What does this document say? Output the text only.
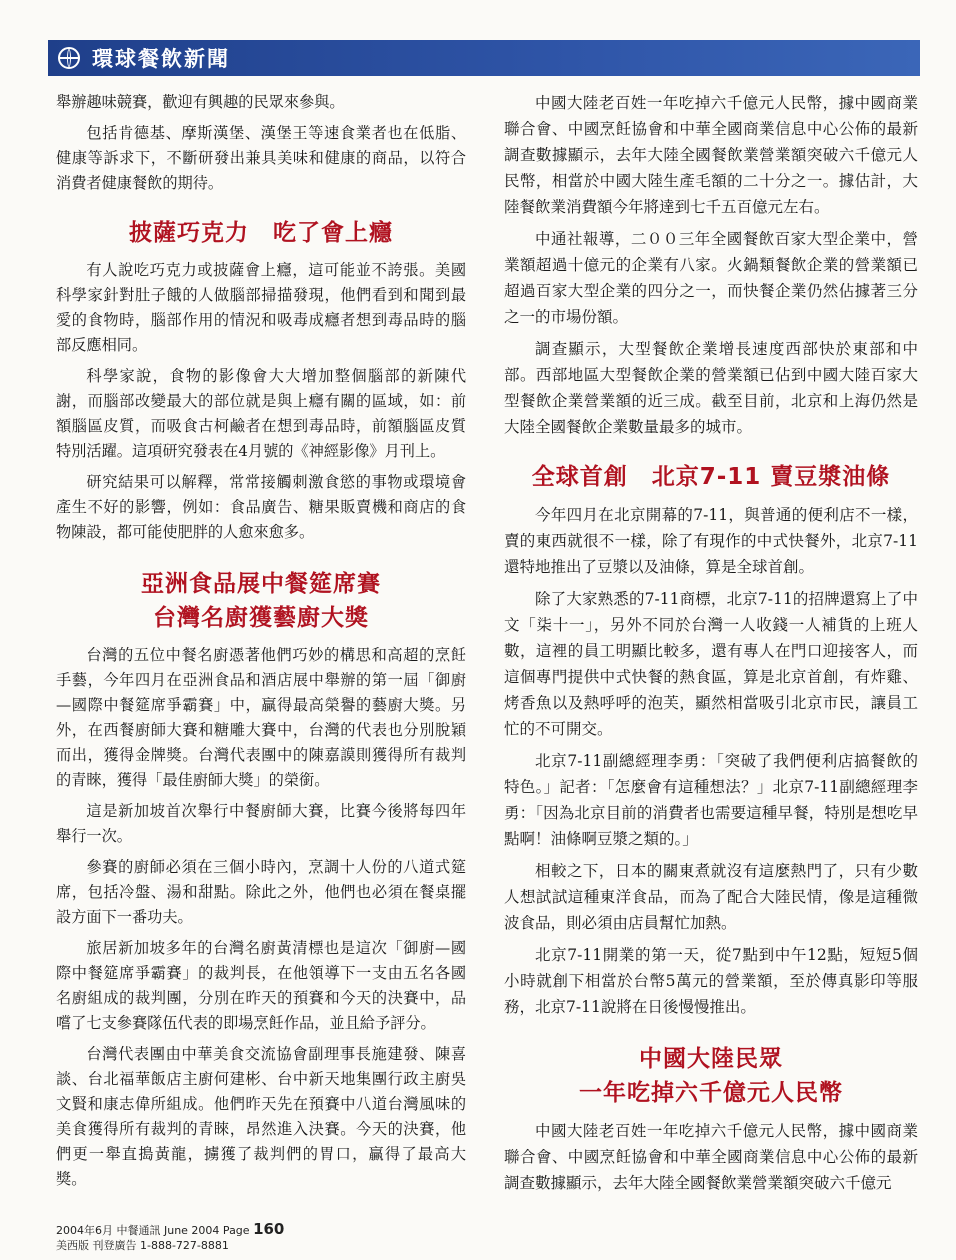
環球餐飲新聞

舉辦趣味競賽，歡迎有興趣的民眾來參與。

包括肯德基、摩斯漢堡、漢堡王等速食業者也在低脂、健康等訴求下，不斷研發出兼具美味和健康的商品，以符合消費者健康餐飲的期待。

披薩巧克力　吃了會上癮

有人說吃巧克力或披薩會上癮，這可能並不誇張。美國科學家針對肚子餓的人做腦部掃描發現，他們看到和聞到最愛的食物時，腦部作用的情況和吸毒成癮者想到毒品時的腦部反應相同。

科學家說，食物的影像會大大增加整個腦部的新陳代謝，而腦部改變最大的部位就是與上癮有關的區域，如：前額腦區皮質，而吸食古柯鹼者在想到毒品時，前額腦區皮質特別活躍。這項研究發表在4月號的《神經影像》月刊上。

研究結果可以解釋，常常接觸刺激食慾的事物或環境會產生不好的影響，例如：食品廣告、糖果販賣機和商店的食物陳設，都可能使肥胖的人愈來愈多。

亞洲食品展中餐筵席賽
台灣名廚獲藝廚大獎

台灣的五位中餐名廚憑著他們巧妙的構思和高超的烹飪手藝，今年四月在亞洲食品和酒店展中舉辦的第一屆「御廚—國際中餐筵席爭霸賽」中，贏得最高榮譽的藝廚大獎。另外，在西餐廚師大賽和糖雕大賽中，台灣的代表也分別脫穎而出，獲得金牌獎。台灣代表團中的陳嘉謨則獲得所有裁判的青睞，獲得「最佳廚師大獎」的榮銜。

這是新加坡首次舉行中餐廚師大賽，比賽今後將每四年舉行一次。

參賽的廚師必須在三個小時內，烹調十人份的八道式筵席，包括冷盤、湯和甜點。除此之外，他們也必須在餐桌擺設方面下一番功夫。

旅居新加坡多年的台灣名廚黃清標也是這次「御廚—國際中餐筵席爭霸賽」的裁判長，在他領導下一支由五名各國名廚組成的裁判團，分別在昨天的預賽和今天的決賽中，品嚐了七支參賽隊伍代表的即場烹飪作品，並且給予評分。

台灣代表團由中華美食交流協會副理事長施建發、陳喜談、台北福華飯店主廚何建彬、台中新天地集團行政主廚吳文賢和康志偉所組成。他們昨天先在預賽中八道台灣風味的美食獲得所有裁判的青睞，昂然進入決賽。今天的決賽，他們更一舉直搗黃龍，擄獲了裁判們的胃口，贏得了最高大獎。

中國大陸老百姓一年吃掉六千億元人民幣，據中國商業聯合會、中國烹飪協會和中華全國商業信息中心公佈的最新調查數據顯示，去年大陸全國餐飲業營業額突破六千億元人民幣，相當於中國大陸生產毛額的二十分之一。據估計，大陸餐飲業消費額今年將達到七千五百億元左右。

中通社報導，二００三年全國餐飲百家大型企業中，營業額超過十億元的企業有八家。火鍋類餐飲企業的營業額已超過百家大型企業的四分之一，而快餐企業仍然佔據著三分之一的市場份額。

調查顯示，大型餐飲企業增長速度西部快於東部和中部。西部地區大型餐飲企業的營業額已佔到中國大陸百家大型餐飲企業營業額的近三成。截至目前，北京和上海仍然是大陸全國餐飲企業數量最多的城市。

全球首創　北京7-11 賣豆漿油條

今年四月在北京開幕的7-11，與普通的便利店不一樣，賣的東西就很不一樣，除了有現作的中式快餐外，北京7-11還特地推出了豆漿以及油條，算是全球首創。

除了大家熟悉的7-11商標，北京7-11的招牌還寫上了中文「柒十一」，另外不同於台灣一人收錢一人補貨的上班人數，這裡的員工明顯比較多，還有專人在門口迎接客人，而這個專門提供中式快餐的熱食區，算是北京首創，有炸雞、烤香魚以及熱呼呼的泡芙，顯然相當吸引北京市民，讓員工忙的不可開交。

北京7-11副總經理李勇：「突破了我們便利店搞餐飲的特色。」記者：「怎麼會有這種想法？」北京7-11副總經理李勇：「因為北京目前的消費者也需要這種早餐，特別是想吃早點啊！油條啊豆漿之類的。」

相較之下，日本的關東煮就沒有這麼熱門了，只有少數人想試試這種東洋食品，而為了配合大陸民情，像是這種微波食品，則必須由店員幫忙加熱。

北京7-11開業的第一天，從7點到中午12點，短短5個小時就創下相當於台幣5萬元的營業額，至於傳真影印等服務，北京7-11說將在日後慢慢推出。

中國大陸民眾
一年吃掉六千億元人民幣

中國大陸老百姓一年吃掉六千億元人民幣，據中國商業聯合會、中國烹飪協會和中華全國商業信息中心公佈的最新調查數據顯示，去年大陸全國餐飲業營業額突破六千億元

2004年6月 中餐通訊 June 2004 Page 160
美西版 刊登廣告 1-888-727-8881
